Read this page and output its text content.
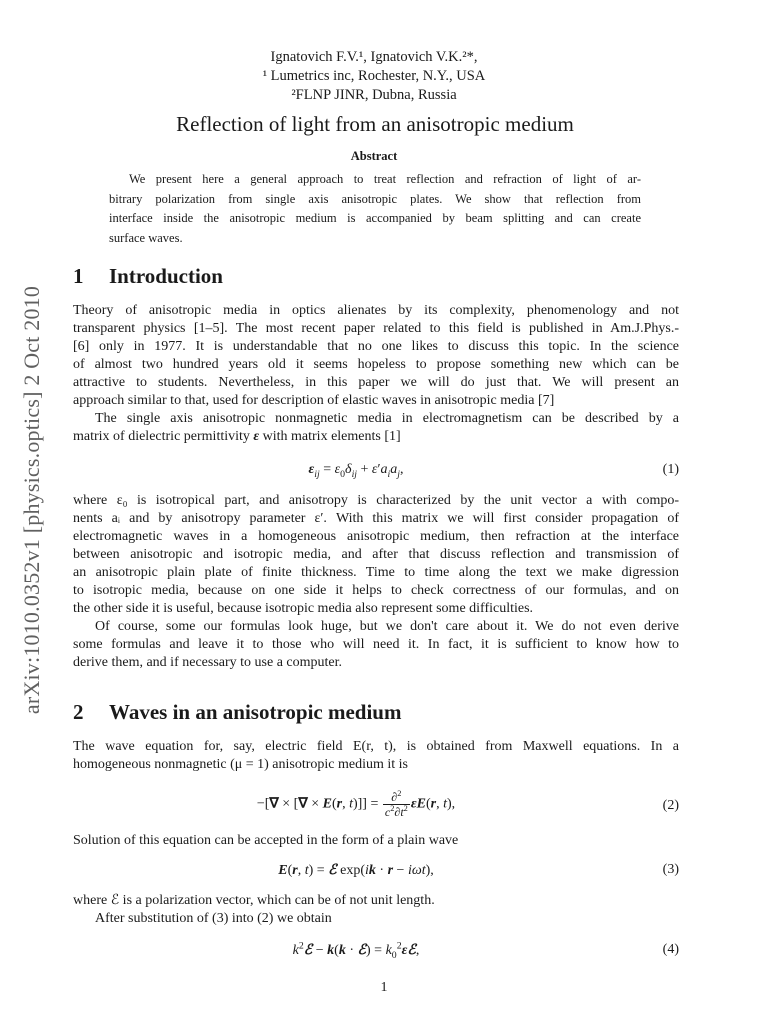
arXiv:1010.0352v1 [physics.optics] 2 Oct 2010
Ignatovich F.V.¹, Ignatovich V.K.²*,
¹ Lumetrics inc, Rochester, N.Y., USA
²FLNP JINR, Dubna, Russia
Reflection of light from an anisotropic medium
Abstract
We present here a general approach to treat reflection and refraction of light of ar-
bitrary polarization from single axis anisotropic plates. We show that reflection from
interface inside the anisotropic medium is accompanied by beam splitting and can create
surface waves.
1 Introduction
Theory of anisotropic media in optics alienates by its complexity, phenomenology and not
transparent physics [1–5]. The most recent paper related to this field is published in Am.J.Phys.-
[6] only in 1977. It is understandable that no one likes to discuss this topic. In the science
of almost two hundred years old it seems hopeless to propose something new which can be
attractive to students. Nevertheless, in this paper we will do just that. We will present an
approach similar to that, used for description of elastic waves in anisotropic media [7]
The single axis anisotropic nonmagnetic media in electromagnetism can be described by a
matrix of dielectric permittivity ε with matrix elements [1]
$\varepsilon_{ij} = \varepsilon_0\delta_{ij} + \varepsilon'a_ia_j$,	(1)
where ε₀ is isotropical part, and anisotropy is characterized by the unit vector a with compo-
nents aᵢ and by anisotropy parameter ε′. With this matrix we will first consider propagation of
electromagnetic waves in a homogeneous anisotropic medium, then refraction at the interface
between anisotropic and isotropic media, and after that discuss reflection and transmission of
an anisotropic plain plate of finite thickness. Time to time along the text we make digression
to isotropic media, because on one side it helps to check correctness of our formulas, and on
the other side it is useful, because isotropic media also represent some difficulties.
Of course, some our formulas look huge, but we don't care about it. We do not even derive
some formulas and leave it to those who will need it. In fact, it is sufficient to know how to
derive them, and if necessary to use a computer.
2 Waves in an anisotropic medium
The wave equation for, say, electric field E(r, t), is obtained from Maxwell equations. In a
homogeneous nonmagnetic (μ = 1) anisotropic medium it is
−[∇ × [∇ × E(r, $t)]] = \frac{\partial^2}{c^2\partial t^2} \varepsilon E(r$, t),	(2)
Solution of this equation can be accepted in the form of a plain wave
E(r, t) = ℰ exp(ik · r − iωt),	(3)
where ℰ is a polarization vector, which can be of not unit length.
After substitution of (3) into (2) we obtain
$k^2ℰ - k(k$ · ℰ) = $k_0^2\varepsilon ℰ$,	(4)
1
